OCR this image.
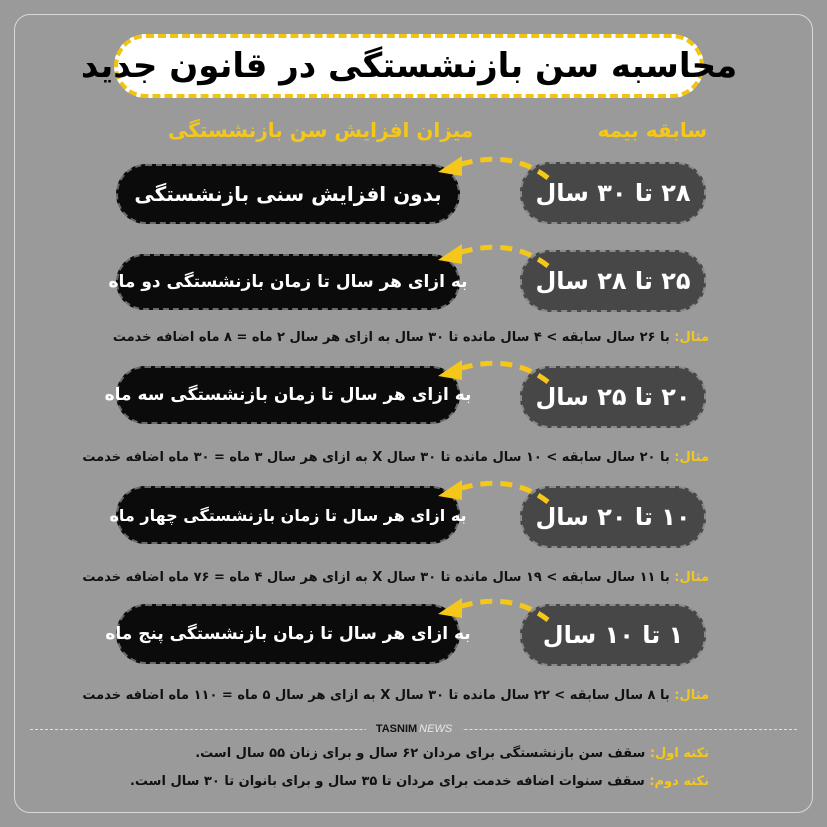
محاسبه سن بازنشستگی در قانون جدید
میزان افزایش سن بازنشستگی	سابقه بیمه
بدون افزایش سنی بازنشستگی	۲۸ تا ۳۰ سال
به ازای هر سال تا زمان بازنشستگی دو ماه	۲۵ تا ۲۸ سال
مثال: با ۲۶ سال سابقه > ۴ سال مانده تا ۳۰ سال به ازای هر سال ۲ ماه = ۸ ماه اضافه خدمت
به ازای هر سال تا زمان بازنشستگی سه ماه	۲۰ تا ۲۵ سال
مثال: با ۲۰ سال سابقه > ۱۰ سال مانده تا ۳۰ سال X به ازای هر سال ۳ ماه = ۳۰ ماه اضافه خدمت
به ازای هر سال تا زمان بازنشستگی چهار ماه	۱۰ تا ۲۰ سال
مثال: با ۱۱ سال سابقه > ۱۹ سال مانده تا ۳۰ سال X به ازای هر سال ۴ ماه = ۷۶ ماه اضافه خدمت
به ازای هر سال تا زمان بازنشستگی پنج ماه	۱ تا ۱۰ سال
مثال: با ۸ سال سابقه > ۲۲ سال مانده تا ۳۰ سال X به ازای هر سال ۵ ماه = ۱۱۰ ماه اضافه خدمت
TASNIM NEWS
نکته اول: سقف سن بازنشستگی برای مردان ۶۲ سال و برای زنان ۵۵ سال است.
نکته دوم: سقف سنوات اضافه خدمت برای مردان تا ۳۵ سال و برای بانوان تا ۳۰ سال است.
